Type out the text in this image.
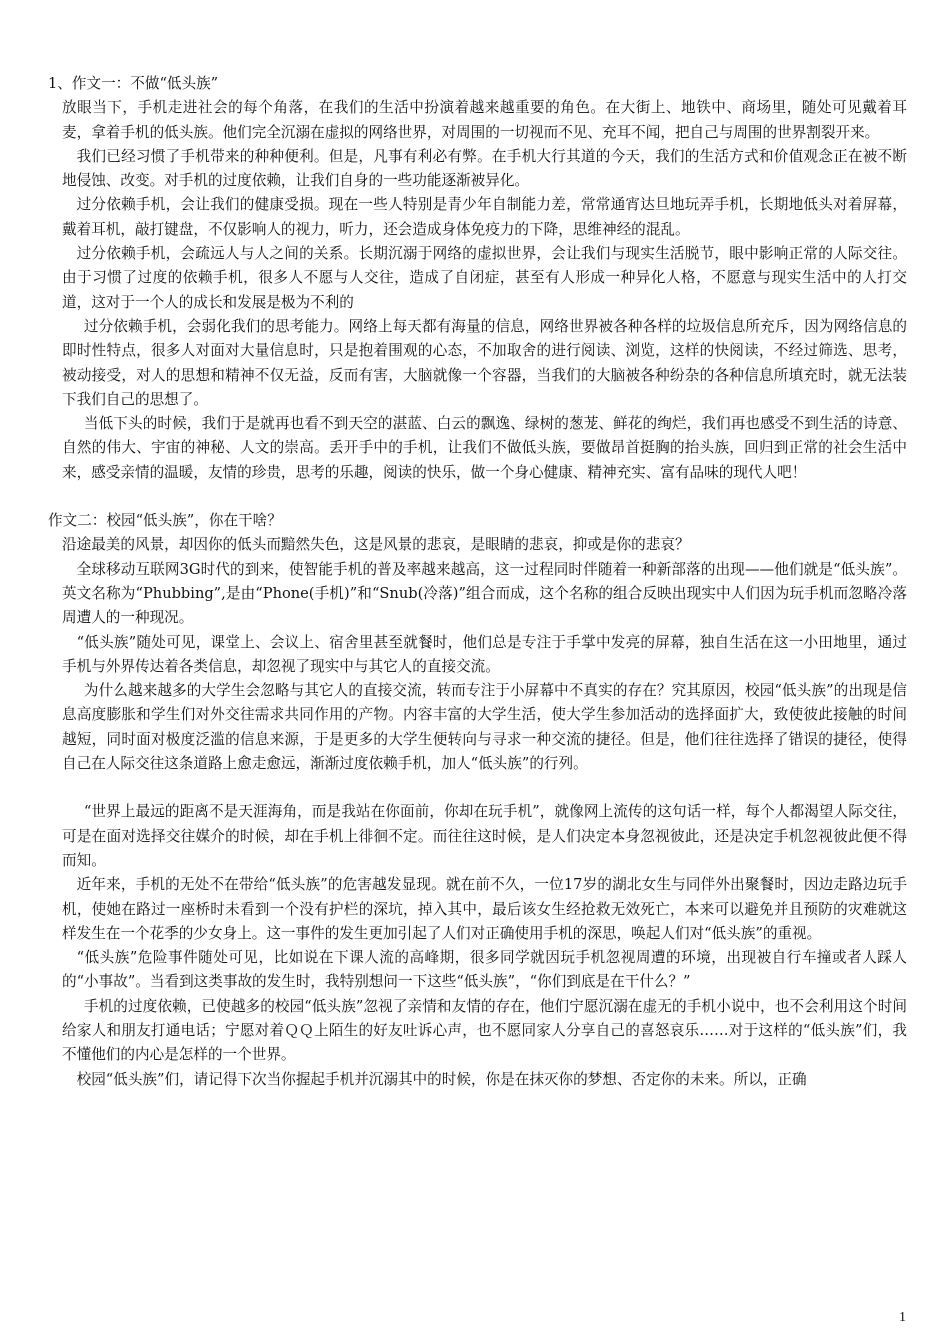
1、作文一：不做“低头族”

放眼当下，手机走进社会的每个角落，在我们的生活中扮演着越来越重要的角色。在大街上、地铁中、商场里，随处可见戴着耳麦，拿着手机的低头族。他们完全沉溺在虚拟的网络世界，对周围的一切视而不见、充耳不闻，把自己与周围的世界割裂开来。

我们已经习惯了手机带来的种种便利。但是，凡事有利必有弊。在手机大行其道的今天，我们的生活方式和价值观念正在被不断地侵蚀、改变。对手机的过度依赖，让我们自身的一些功能逐渐被异化。

过分依赖手机，会让我们的健康受损。现在一些人特别是青少年自制能力差，常常通宵达旦地玩弄手机，长期地低头对着屏幕，戴着耳机，敲打键盘，不仅影响人的视力，听力，还会造成身体免疫力的下降，思维神经的混乱。

过分依赖手机，会疏远人与人之间的关系。长期沉溺于网络的虚拟世界，会让我们与现实生活脱节，眼中影响正常的人际交往。由于习惯了过度的依赖手机，很多人不愿与人交往，造成了自闭症，甚至有人形成一种异化人格，不愿意与现实生活中的人打交道，这对于一个人的成长和发展是极为不利的

过分依赖手机，会弱化我们的思考能力。网络上每天都有海量的信息，网络世界被各种各样的垃圾信息所充斥，因为网络信息的即时性特点，很多人对面对大量信息时，只是抱着围观的心态，不加取舍的进行阅读、浏览，这样的快阅读，不经过筛选、思考，被动接受，对人的思想和精神不仅无益，反而有害，大脑就像一个容器，当我们的大脑被各种纷杂的各种信息所填充时，就无法装下我们自己的思想了。

当低下头的时候，我们于是就再也看不到天空的湛蓝、白云的飘逸、绿树的葱茏、鲜花的绚烂，我们再也感受不到生活的诗意、自然的伟大、宇宙的神秘、人文的崇高。丢开手中的手机，让我们不做低头族，要做昂首挺胸的抬头族，回归到正常的社会生活中来，感受亲情的温暖，友情的珍贵，思考的乐趣，阅读的快乐，做一个身心健康、精神充实、富有品味的现代人吧！

作文二：校园“低头族”，你在干啥？

沿途最美的风景，却因你的低头而黯然失色，这是风景的悲哀，是眼睛的悲哀，抑或是你的悲哀？

全球移动互联网3G时代的到来，使智能手机的普及率越来越高，这一过程同时伴随着一种新部落的出现——他们就是“低头族”。英文名称为“Phubbing”,是由“Phone(手机)”和“Snub(冷落)”组合而成，这个名称的组合反映出现实中人们因为玩手机而忽略冷落周遭人的一种现况。

“低头族”随处可见，课堂上、会议上、宿舍里甚至就餐时，他们总是专注于手掌中发亮的屏幕，独自生活在这一小田地里，通过手机与外界传达着各类信息，却忽视了现实中与其它人的直接交流。

为什么越来越多的大学生会忽略与其它人的直接交流，转而专注于小屏幕中不真实的存在？究其原因，校园“低头族”的出现是信息高度膨胀和学生们对外交往需求共同作用的产物。内容丰富的大学生活，使大学生参加活动的选择面扩大，致使彼此接触的时间越短，同时面对极度泛滥的信息来源，于是更多的大学生便转向与寻求一种交流的捷径。但是，他们往往选择了错误的捷径，使得自己在人际交往这条道路上愈走愈远，渐渐过度依赖手机，加人“低头族”的行列。

“世界上最远的距离不是天涯海角，而是我站在你面前，你却在玩手机”，就像网上流传的这句话一样，每个人都渴望人际交往，可是在面对选择交往媒介的时候，却在手机上徘徊不定。而往往这时候，是人们决定本身忽视彼此，还是决定手机忽视彼此便不得而知。

近年来，手机的无处不在带给“低头族”的危害越发显现。就在前不久，一位17岁的湖北女生与同伴外出聚餐时，因边走路边玩手机，使她在路过一座桥时未看到一个没有护栏的深坑，掉入其中，最后该女生经抢救无效死亡，本来可以避免并且预防的灾难就这样发生在一个花季的少女身上。这一事件的发生更加引起了人们对正确使用手机的深思，唤起人们对“低头族”的重视。

“低头族”危险事件随处可见，比如说在下课人流的高峰期，很多同学就因玩手机忽视周遭的环境，出现被自行车撞或者人踩人的“小事故”。当看到这类事故的发生时，我特别想问一下这些“低头族”，“你们到底是在干什么？”

手机的过度依赖，已使越多的校园“低头族”忽视了亲情和友情的存在，他们宁愿沉溺在虚无的手机小说中，也不会利用这个时间给家人和朋友打通电话；宁愿对着ＱＱ上陌生的好友吐诉心声，也不愿同家人分享自己的喜怒哀乐……对于这样的“低头族”们，我不懂他们的内心是怎样的一个世界。

校园“低头族”们，请记得下次当你握起手机并沉溺其中的时候，你是在抹灭你的梦想、否定你的未来。所以，正确

1
